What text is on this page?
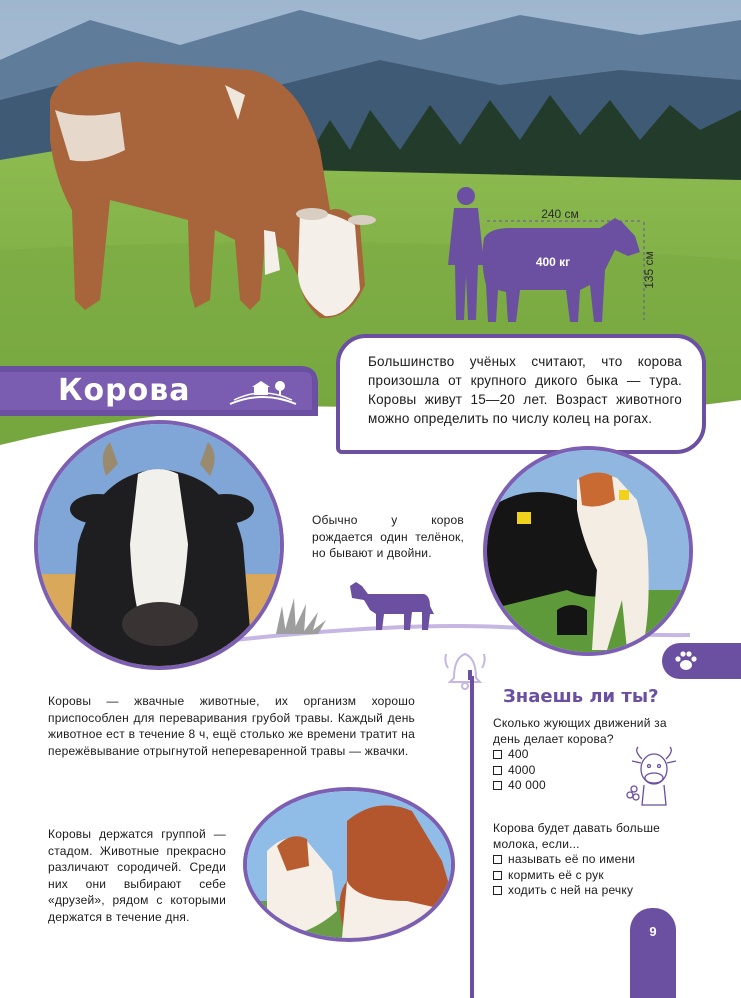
240 см
400 кг	135 см
Корова

Большинство учёных считают, что корова произошла от крупного дикого быка — тура. Коровы живут 15—20 лет. Возраст животного можно определить по числу колец на рогах.

Обычно у коров рождается один телёнок, но бывают и двойни.
Коровы — жвачные животные, их организм хорошо приспособлен для переваривания грубой травы. Каждый день животное ест в течение 8 ч, ещё столько же времени тратит на пережёвывание отрыгнутой непереваренной травы — жвачки.
Коровы держатся группой — стадом. Животные прекрасно различают сородичей. Среди них они выбирают себе «друзей», рядом с которыми держатся в течение дня.
Знаешь ли ты?
Сколько жующих движений за день делает корова?
400
4000
40 000
Корова будет давать больше молока, если...
называть её по имени
кормить её с рук
ходить с ней на речку
9
